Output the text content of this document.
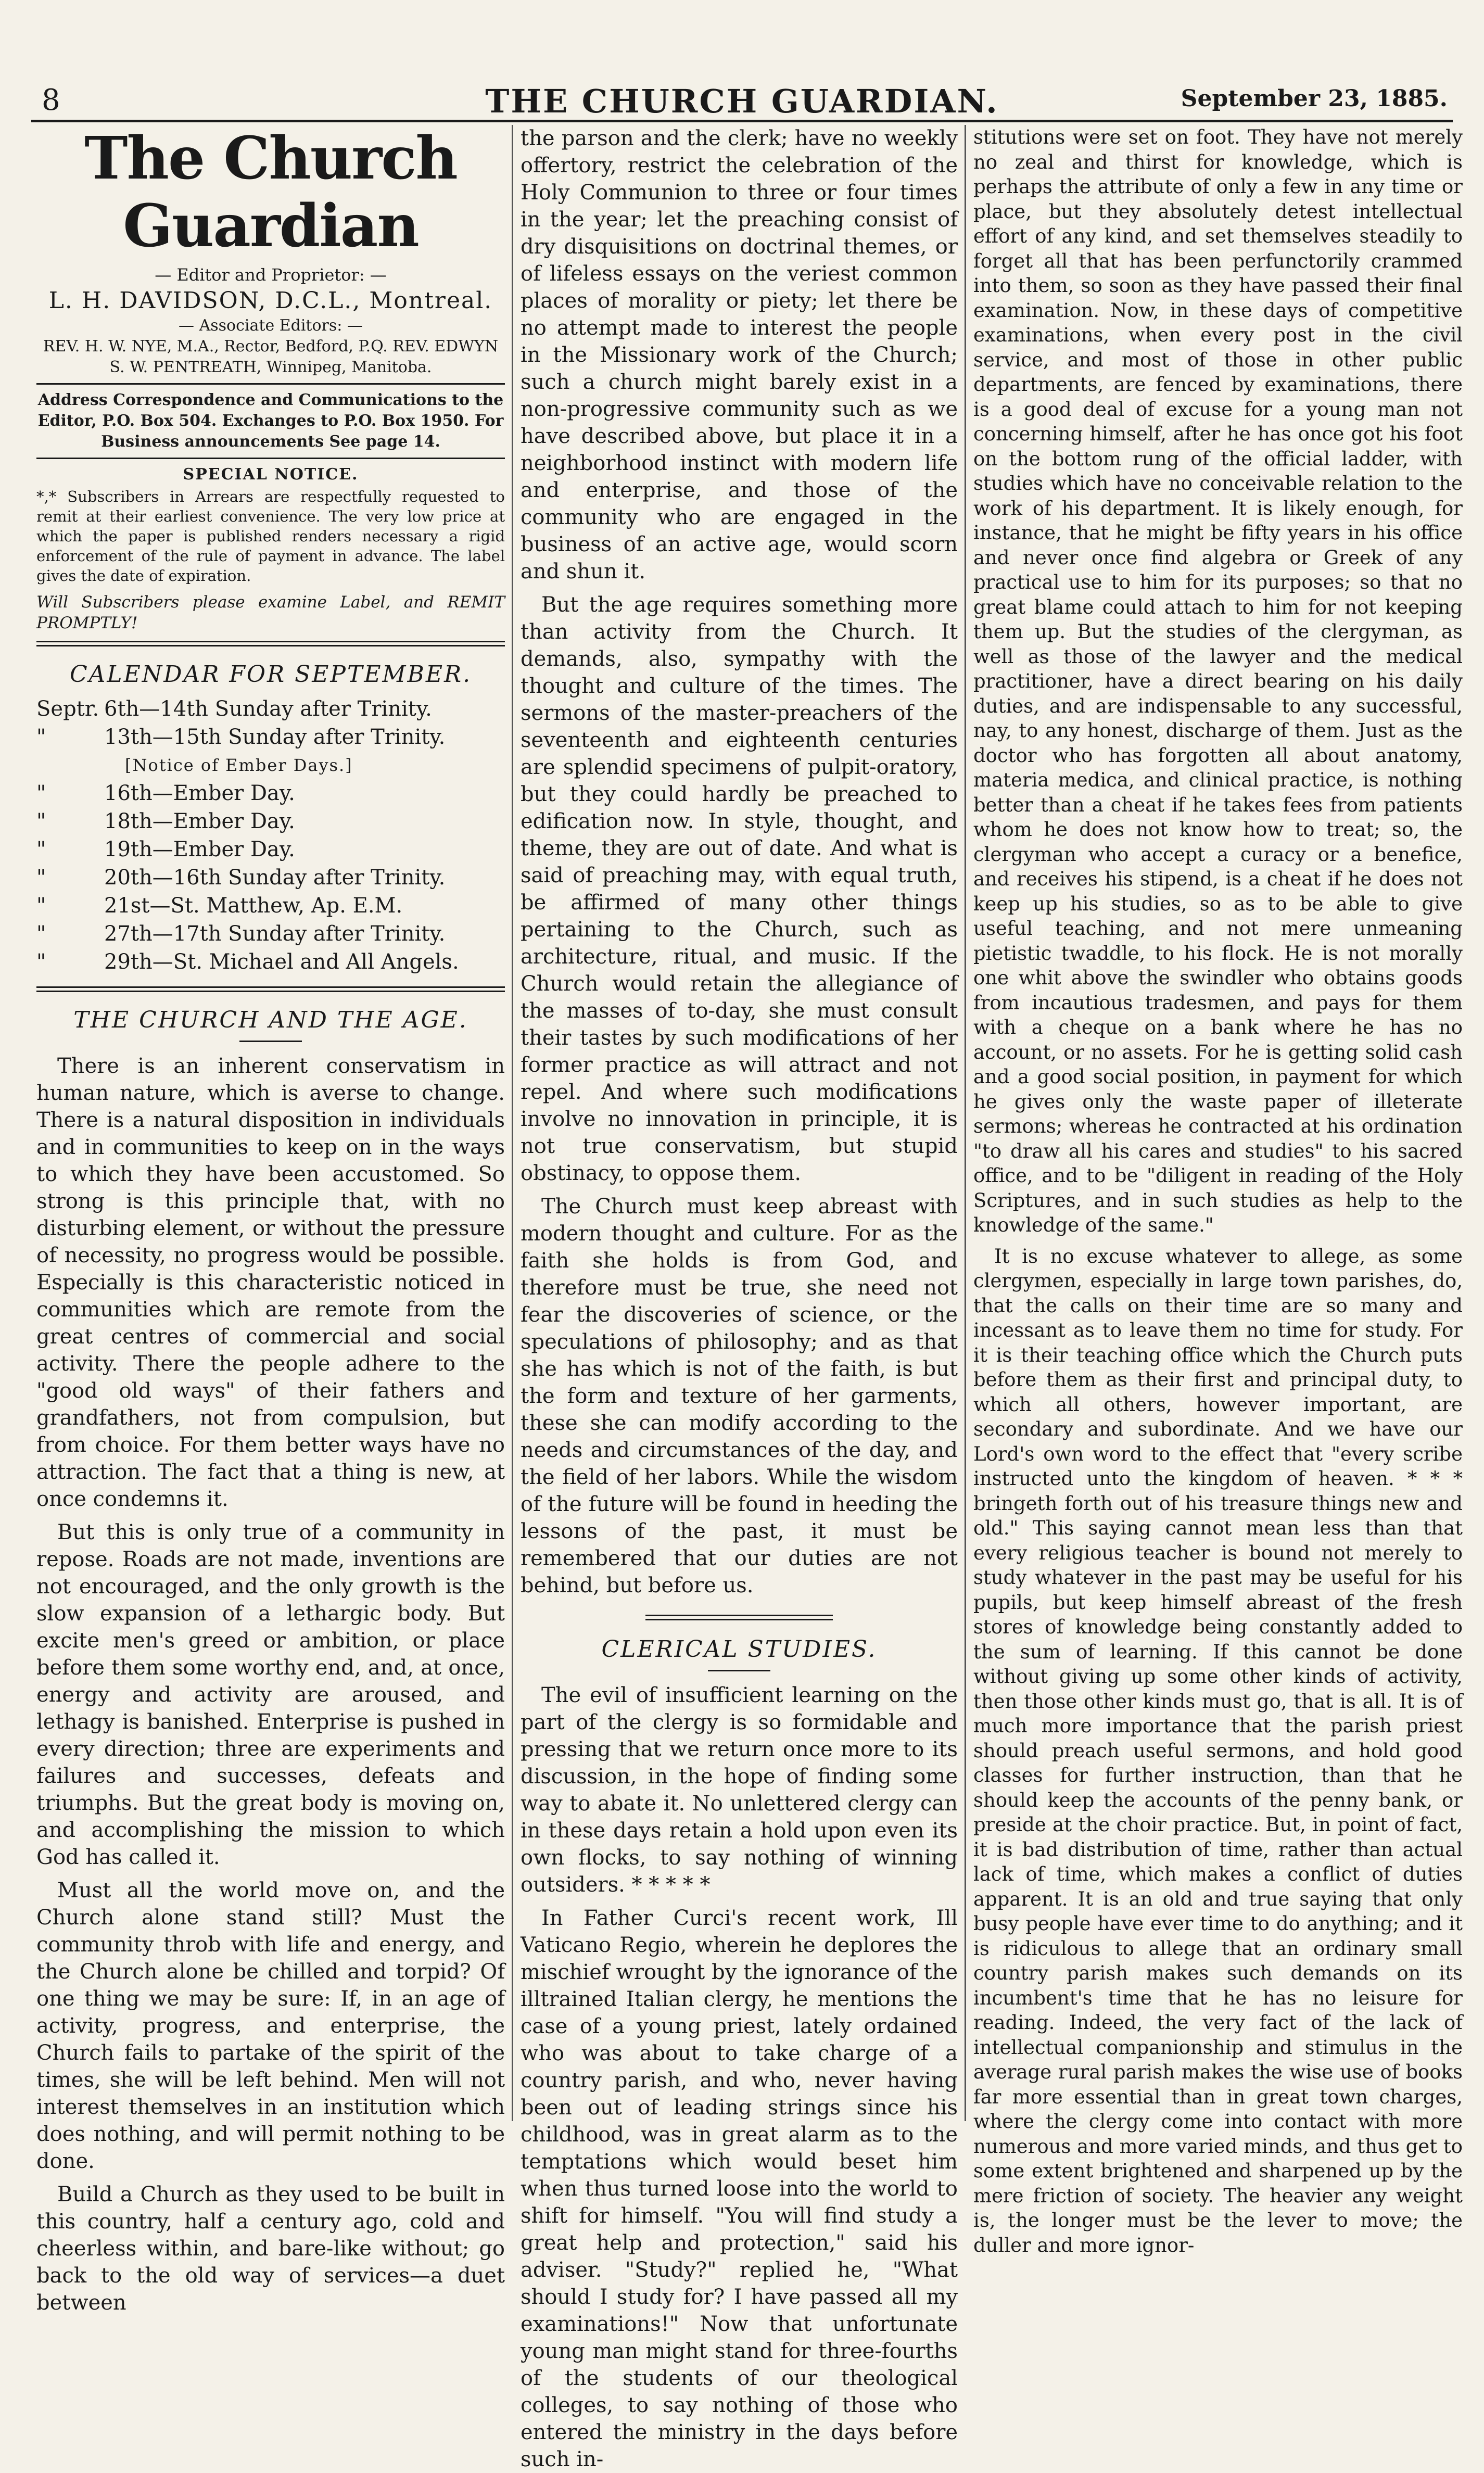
8	THE CHURCH GUARDIAN.	September 23, 1885.
The Church Guardian
— Editor and Proprietor: —
L. H. DAVIDSON, D.C.L., Montreal.
— Associate Editors: —
REV. H. W. NYE, M.A., Rector, Bedford, P.Q. REV. EDWYN S. W. PENTREATH, Winnipeg, Manitoba.
Address Correspondence and Communications to the Editor, P.O. Box 504. Exchanges to P.O. Box 1950. For Business announcements See page 14.
SPECIAL NOTICE.

*,* Subscribers in Arrears are respectfully requested to remit at their earliest convenience. The very low price at which the paper is published renders necessary a rigid enforcement of the rule of payment in advance. The label gives the date of expiration.

Will Subscribers please examine Label, and REMIT PROMPTLY!

CALENDAR FOR SEPTEMBER.
Septr. 6th—14th Sunday after Trinity.
"	13th—15th Sunday after Trinity.
[Notice of Ember Days.]
"	16th—Ember Day.
"	18th—Ember Day.
"	19th—Ember Day.
"	20th—16th Sunday after Trinity.
"	21st—St. Matthew, Ap. E.M.
"	27th—17th Sunday after Trinity.
"	29th—St. Michael and All Angels.
THE CHURCH AND THE AGE.

There is an inherent conservatism in human nature, which is averse to change. There is a natural disposition in individuals and in communities to keep on in the ways to which they have been accustomed. So strong is this principle that, with no disturbing element, or without the pressure of necessity, no progress would be possible. Especially is this characteristic noticed in communities which are remote from the great centres of commercial and social activity. There the people adhere to the "good old ways" of their fathers and grandfathers, not from compulsion, but from choice. For them better ways have no attraction. The fact that a thing is new, at once condemns it.

But this is only true of a community in repose. Roads are not made, inventions are not encouraged, and the only growth is the slow expansion of a lethargic body. But excite men's greed or ambition, or place before them some worthy end, and, at once, energy and activity are aroused, and lethagy is banished. Enterprise is pushed in every direction; three are experiments and failures and successes, defeats and triumphs. But the great body is moving on, and accomplishing the mission to which God has called it.

Must all the world move on, and the Church alone stand still? Must the community throb with life and energy, and the Church alone be chilled and torpid? Of one thing we may be sure: If, in an age of activity, progress, and enterprise, the Church fails to partake of the spirit of the times, she will be left behind. Men will not interest themselves in an institution which does nothing, and will permit nothing to be done.

Build a Church as they used to be built in this country, half a century ago, cold and cheerless within, and bare-like without; go back to the old way of services—a duet between

the parson and the clerk; have no weekly offertory, restrict the celebration of the Holy Communion to three or four times in the year; let the preaching consist of dry disquisitions on doctrinal themes, or of lifeless essays on the veriest common places of morality or piety; let there be no attempt made to interest the people in the Missionary work of the Church; such a church might barely exist in a non-progressive community such as we have described above, but place it in a neighborhood instinct with modern life and enterprise, and those of the community who are engaged in the business of an active age, would scorn and shun it.

But the age requires something more than activity from the Church. It demands, also, sympathy with the thought and culture of the times. The sermons of the master-preachers of the seventeenth and eighteenth centuries are splendid specimens of pulpit-oratory, but they could hardly be preached to edification now. In style, thought, and theme, they are out of date. And what is said of preaching may, with equal truth, be affirmed of many other things pertaining to the Church, such as architecture, ritual, and music. If the Church would retain the allegiance of the masses of to-day, she must consult their tastes by such modifications of her former practice as will attract and not repel. And where such modifications involve no innovation in principle, it is not true conservatism, but stupid obstinacy, to oppose them.

The Church must keep abreast with modern thought and culture. For as the faith she holds is from God, and therefore must be true, she need not fear the discoveries of science, or the speculations of philosophy; and as that she has which is not of the faith, is but the form and texture of her garments, these she can modify according to the needs and circumstances of the day, and the field of her labors. While the wisdom of the future will be found in heeding the lessons of the past, it must be remembered that our duties are not behind, but before us.

CLERICAL STUDIES.

The evil of insufficient learning on the part of the clergy is so formidable and pressing that we return once more to its discussion, in the hope of finding some way to abate it. No unlettered clergy can in these days retain a hold upon even its own flocks, to say nothing of winning outsiders. * * * * *

In Father Curci's recent work, Ill Vaticano Regio, wherein he deplores the mischief wrought by the ignorance of the illtrained Italian clergy, he mentions the case of a young priest, lately ordained who was about to take charge of a country parish, and who, never having been out of leading strings since his childhood, was in great alarm as to the temptations which would beset him when thus turned loose into the world to shift for himself. "You will find study a great help and protection," said his adviser. "Study?" replied he, "What should I study for? I have passed all my examinations!" Now that unfortunate young man might stand for three-fourths of the students of our theological colleges, to say nothing of those who entered the ministry in the days before such in-

stitutions were set on foot. They have not merely no zeal and thirst for knowledge, which is perhaps the attribute of only a few in any time or place, but they absolutely detest intellectual effort of any kind, and set themselves steadily to forget all that has been perfunctorily crammed into them, so soon as they have passed their final examination. Now, in these days of competitive examinations, when every post in the civil service, and most of those in other public departments, are fenced by examinations, there is a good deal of excuse for a young man not concerning himself, after he has once got his foot on the bottom rung of the official ladder, with studies which have no conceivable relation to the work of his department. It is likely enough, for instance, that he might be fifty years in his office and never once find algebra or Greek of any practical use to him for its purposes; so that no great blame could attach to him for not keeping them up. But the studies of the clergyman, as well as those of the lawyer and the medical practitioner, have a direct bearing on his daily duties, and are indispensable to any successful, nay, to any honest, discharge of them. Just as the doctor who has forgotten all about anatomy, materia medica, and clinical practice, is nothing better than a cheat if he takes fees from patients whom he does not know how to treat; so, the clergyman who accept a curacy or a benefice, and receives his stipend, is a cheat if he does not keep up his studies, so as to be able to give useful teaching, and not mere unmeaning pietistic twaddle, to his flock. He is not morally one whit above the swindler who obtains goods from incautious tradesmen, and pays for them with a cheque on a bank where he has no account, or no assets. For he is getting solid cash and a good social position, in payment for which he gives only the waste paper of illeterate sermons; whereas he contracted at his ordination "to draw all his cares and studies" to his sacred office, and to be "diligent in reading of the Holy Scriptures, and in such studies as help to the knowledge of the same."

It is no excuse whatever to allege, as some clergymen, especially in large town parishes, do, that the calls on their time are so many and incessant as to leave them no time for study. For it is their teaching office which the Church puts before them as their first and principal duty, to which all others, however important, are secondary and subordinate. And we have our Lord's own word to the effect that "every scribe instructed unto the kingdom of heaven. * * * bringeth forth out of his treasure things new and old." This saying cannot mean less than that every religious teacher is bound not merely to study whatever in the past may be useful for his pupils, but keep himself abreast of the fresh stores of knowledge being constantly added to the sum of learning. If this cannot be done without giving up some other kinds of activity, then those other kinds must go, that is all. It is of much more importance that the parish priest should preach useful sermons, and hold good classes for further instruction, than that he should keep the accounts of the penny bank, or preside at the choir practice. But, in point of fact, it is bad distribution of time, rather than actual lack of time, which makes a conflict of duties apparent. It is an old and true saying that only busy people have ever time to do anything; and it is ridiculous to allege that an ordinary small country parish makes such demands on its incumbent's time that he has no leisure for reading. Indeed, the very fact of the lack of intellectual companionship and stimulus in the average rural parish makes the wise use of books far more essential than in great town charges, where the clergy come into contact with more numerous and more varied minds, and thus get to some extent brightened and sharpened up by the mere friction of society. The heavier any weight is, the longer must be the lever to move; the duller and more ignor-
